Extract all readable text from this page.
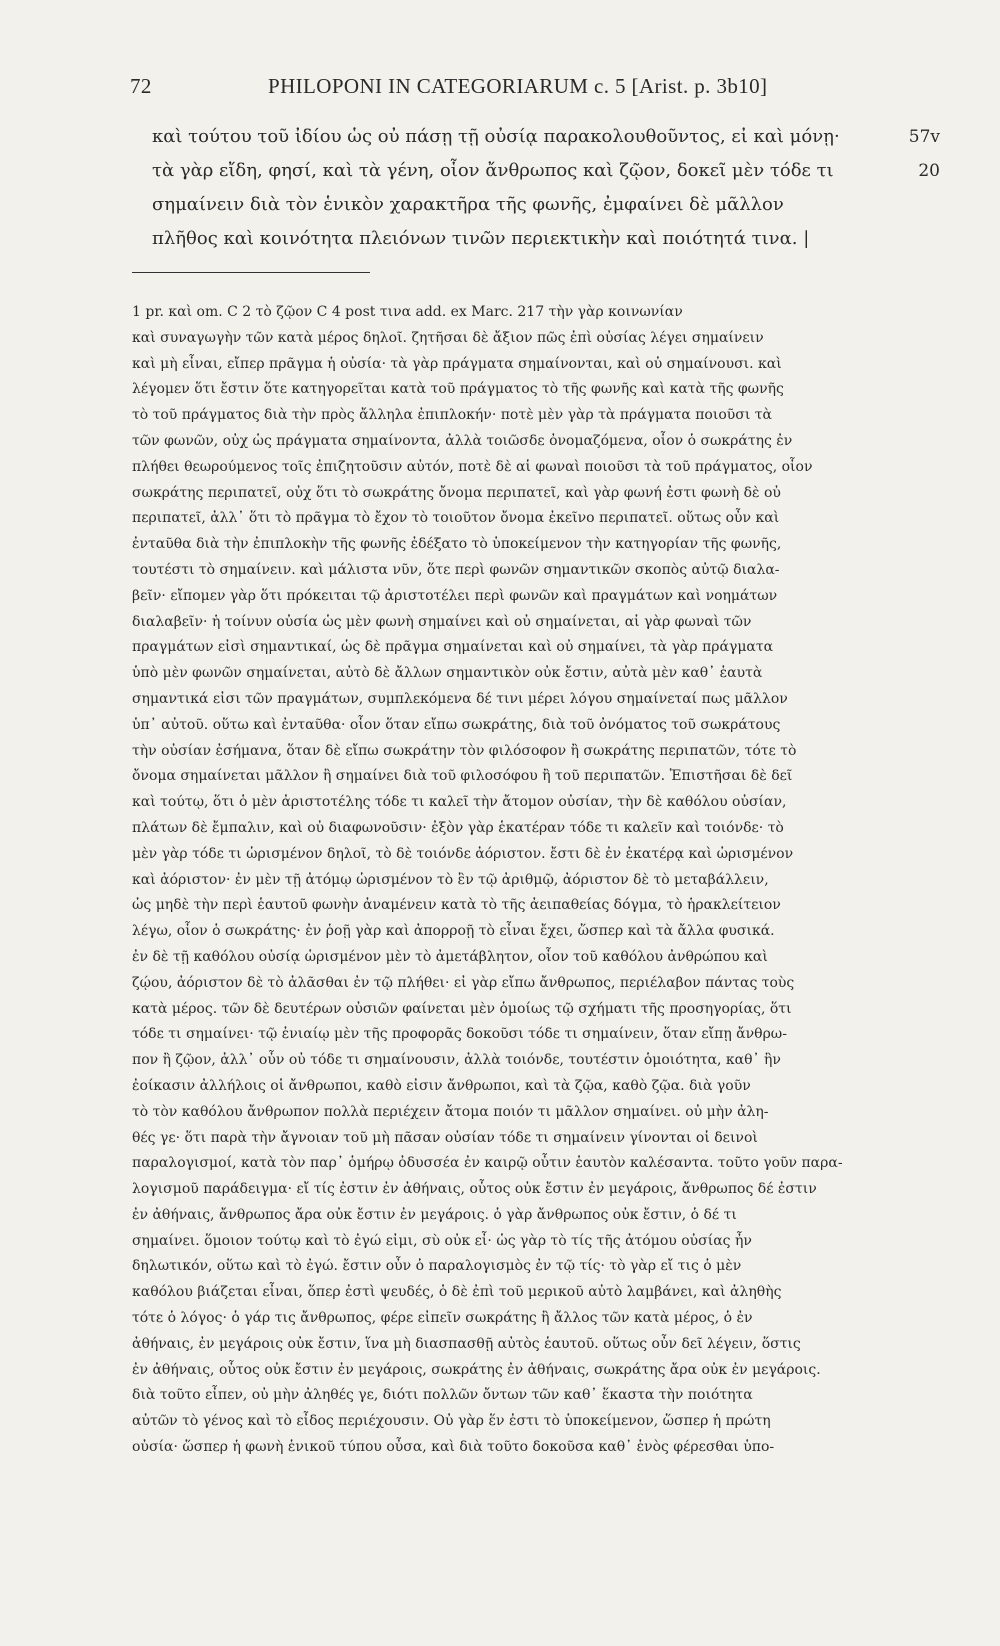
72	PHILOPONI IN CATEGORIARUM c. 5 [Arist. p. 3b10]
καὶ τούτου τοῦ ἰδίου ὡς οὐ πάσῃ τῇ οὐσίᾳ παρακολουθοῦντος, εἰ καὶ μόνῃ·	57v
τὰ γὰρ εἴδη, φησί, καὶ τὰ γένη, οἷον ἄνθρωπος καὶ ζῷον, δοκεῖ μὲν τόδε τι	20
σημαίνειν διὰ τὸν ἑνικὸν χαρακτῆρα τῆς φωνῆς, ἐμφαίνει δὲ μᾶλλον
πλῆθος καὶ κοινότητα πλειόνων τινῶν περιεκτικὴν καὶ ποιότητά τινα. |
1 pr. καὶ om. C 2 τὸ ζῷον C 4 post τινα add. ex Marc. 217 τὴν γὰρ κοινωνίανκαὶ συναγωγὴν τῶν κατὰ μέρος δηλοῖ. ζητῆσαι δὲ ἄξιον πῶς ἐπὶ οὐσίας λέγει σημαίνεινκαὶ μὴ εἶναι, εἴπερ πρᾶγμα ἡ οὐσία· τὰ γὰρ πράγματα σημαίνονται, καὶ οὐ σημαίνουσι. καὶλέγομεν ὅτι ἔστιν ὅτε κατηγορεῖται κατὰ τοῦ πράγματος τὸ τῆς φωνῆς καὶ κατὰ τῆς φωνῆςτὸ τοῦ πράγματος διὰ τὴν πρὸς ἄλληλα ἐπιπλοκήν· ποτὲ μὲν γὰρ τὰ πράγματα ποιοῦσι τὰτῶν φωνῶν, οὐχ ὡς πράγματα σημαίνοντα, ἀλλὰ τοιῶσδε ὀνομαζόμενα, οἷον ὁ σωκράτης ἐνπλήθει θεωρούμενος τοῖς ἐπιζητοῦσιν αὐτόν, ποτὲ δὲ αἱ φωναὶ ποιοῦσι τὰ τοῦ πράγματος, οἷονσωκράτης περιπατεῖ, οὐχ ὅτι τὸ σωκράτης ὄνομα περιπατεῖ, καὶ γὰρ φωνή ἐστι φωνὴ δὲ οὐπεριπατεῖ, ἀλλ᾽ ὅτι τὸ πρᾶγμα τὸ ἔχον τὸ τοιοῦτον ὄνομα ἐκεῖνο περιπατεῖ. οὕτως οὖν καὶἐνταῦθα διὰ τὴν ἐπιπλοκὴν τῆς φωνῆς ἐδέξατο τὸ ὑποκείμενον τὴν κατηγορίαν τῆς φωνῆς,τουτέστι τὸ σημαίνειν. καὶ μάλιστα νῦν, ὅτε περὶ φωνῶν σημαντικῶν σκοπὸς αὐτῷ διαλα-βεῖν· εἴπομεν γὰρ ὅτι πρόκειται τῷ ἀριστοτέλει περὶ φωνῶν καὶ πραγμάτων καὶ νοημάτωνδιαλαβεῖν· ἡ τοίνυν οὐσία ὡς μὲν φωνὴ σημαίνει καὶ οὐ σημαίνεται, αἱ γὰρ φωναὶ τῶνπραγμάτων εἰσὶ σημαντικαί, ὡς δὲ πρᾶγμα σημαίνεται καὶ οὐ σημαίνει, τὰ γὰρ πράγματαὑπὸ μὲν φωνῶν σημαίνεται, αὐτὸ δὲ ἄλλων σημαντικὸν οὐκ ἔστιν, αὐτὰ μὲν καθ᾽ ἑαυτὰσημαντικά εἰσι τῶν πραγμάτων, συμπλεκόμενα δέ τινι μέρει λόγου σημαίνεταί πως μᾶλλονὑπ᾽ αὐτοῦ. οὕτω καὶ ἐνταῦθα· οἷον ὅταν εἴπω σωκράτης, διὰ τοῦ ὀνόματος τοῦ σωκράτουςτὴν οὐσίαν ἐσήμανα, ὅταν δὲ εἴπω σωκράτην τὸν φιλόσοφον ἢ σωκράτης περιπατῶν, τότε τὸὄνομα σημαίνεται μᾶλλον ἢ σημαίνει διὰ τοῦ φιλοσόφου ἢ τοῦ περιπατῶν. Ἐπιστῆσαι δὲ δεῖκαὶ τούτῳ, ὅτι ὁ μὲν ἀριστοτέλης τόδε τι καλεῖ τὴν ἄτομον οὐσίαν, τὴν δὲ καθόλου οὐσίαν,πλάτων δὲ ἔμπαλιν, καὶ οὐ διαφωνοῦσιν· ἐξὸν γὰρ ἑκατέραν τόδε τι καλεῖν καὶ τοιόνδε· τὸμὲν γὰρ τόδε τι ὡρισμένον δηλοῖ, τὸ δὲ τοιόνδε ἀόριστον. ἔστι δὲ ἐν ἑκατέρᾳ καὶ ὡρισμένονκαὶ ἀόριστον· ἐν μὲν τῇ ἀτόμῳ ὡρισμένον τὸ ἓν τῷ ἀριθμῷ, ἀόριστον δὲ τὸ μεταβάλλειν,ὡς μηδὲ τὴν περὶ ἑαυτοῦ φωνὴν ἀναμένειν κατὰ τὸ τῆς ἀειπαθείας δόγμα, τὸ ἡρακλείτειονλέγω, οἷον ὁ σωκράτης· ἐν ῥοῇ γὰρ καὶ ἀπορροῇ τὸ εἶναι ἔχει, ὥσπερ καὶ τὰ ἄλλα φυσικά.ἐν δὲ τῇ καθόλου οὐσίᾳ ὡρισμένον μὲν τὸ ἀμετάβλητον, οἷον τοῦ καθόλου ἀνθρώπου καὶζῴου, ἀόριστον δὲ τὸ ἀλᾶσθαι ἐν τῷ πλήθει· εἰ γὰρ εἴπω ἄνθρωπος, περιέλαβον πάντας τοὺςκατὰ μέρος. τῶν δὲ δευτέρων οὐσιῶν φαίνεται μὲν ὁμοίως τῷ σχήματι τῆς προσηγορίας, ὅτιτόδε τι σημαίνει· τῷ ἑνιαίῳ μὲν τῆς προφορᾶς δοκοῦσι τόδε τι σημαίνειν, ὅταν εἴπῃ ἄνθρω-πον ἢ ζῷον, ἀλλ᾽ οὖν οὐ τόδε τι σημαίνουσιν, ἀλλὰ τοιόνδε, τουτέστιν ὁμοιότητα, καθ᾽ ἣνἐοίκασιν ἀλλήλοις οἱ ἄνθρωποι, καθὸ εἰσιν ἄνθρωποι, καὶ τὰ ζῷα, καθὸ ζῷα. διὰ γοῦντὸ τὸν καθόλου ἄνθρωπον πολλὰ περιέχειν ἄτομα ποιόν τι μᾶλλον σημαίνει. οὐ μὴν ἀλη-θές γε· ὅτι παρὰ τὴν ἄγνοιαν τοῦ μὴ πᾶσαν οὐσίαν τόδε τι σημαίνειν γίνονται οἱ δεινοὶπαραλογισμοί, κατὰ τὸν παρ᾽ ὁμήρῳ ὀδυσσέα ἐν καιρῷ οὖτιν ἑαυτὸν καλέσαντα. τοῦτο γοῦν παρα-λογισμοῦ παράδειγμα· εἴ τίς ἐστιν ἐν ἀθήναις, οὗτος οὐκ ἔστιν ἐν μεγάροις, ἄνθρωπος δέ ἐστινἐν ἀθήναις, ἄνθρωπος ἄρα οὐκ ἔστιν ἐν μεγάροις. ὁ γὰρ ἄνθρωπος οὐκ ἔστιν, ὁ δέ τισημαίνει. ὅμοιον τούτῳ καὶ τὸ ἐγώ εἰμι, σὺ οὐκ εἶ· ὡς γὰρ τὸ τίς τῆς ἀτόμου οὐσίας ἦνδηλωτικόν, οὕτω καὶ τὸ ἐγώ. ἔστιν οὖν ὁ παραλογισμὸς ἐν τῷ τίς· τὸ γὰρ εἴ τις ὁ μὲνκαθόλου βιάζεται εἶναι, ὅπερ ἐστὶ ψευδές, ὁ δὲ ἐπὶ τοῦ μερικοῦ αὐτὸ λαμβάνει, καὶ ἀληθὴςτότε ὁ λόγος· ὁ γάρ τις ἄνθρωπος, φέρε εἰπεῖν σωκράτης ἢ ἄλλος τῶν κατὰ μέρος, ὁ ἐνἀθήναις, ἐν μεγάροις οὐκ ἔστιν, ἵνα μὴ διασπασθῇ αὐτὸς ἑαυτοῦ. οὕτως οὖν δεῖ λέγειν, ὅστιςἐν ἀθήναις, οὗτος οὐκ ἔστιν ἐν μεγάροις, σωκράτης ἐν ἀθήναις, σωκράτης ἄρα οὐκ ἐν μεγάροις.διὰ τοῦτο εἶπεν, οὐ μὴν ἀληθές γε, διότι πολλῶν ὄντων τῶν καθ᾽ ἕκαστα τὴν ποιότητααὐτῶν τὸ γένος καὶ τὸ εἶδος περιέχουσιν. Οὐ γὰρ ἕν ἐστι τὸ ὑποκείμενον, ὥσπερ ἡ πρώτηοὐσία· ὥσπερ ἡ φωνὴ ἑνικοῦ τύπου οὖσα, καὶ διὰ τοῦτο δοκοῦσα καθ᾽ ἑνὸς φέρεσθαι ὑπο-
